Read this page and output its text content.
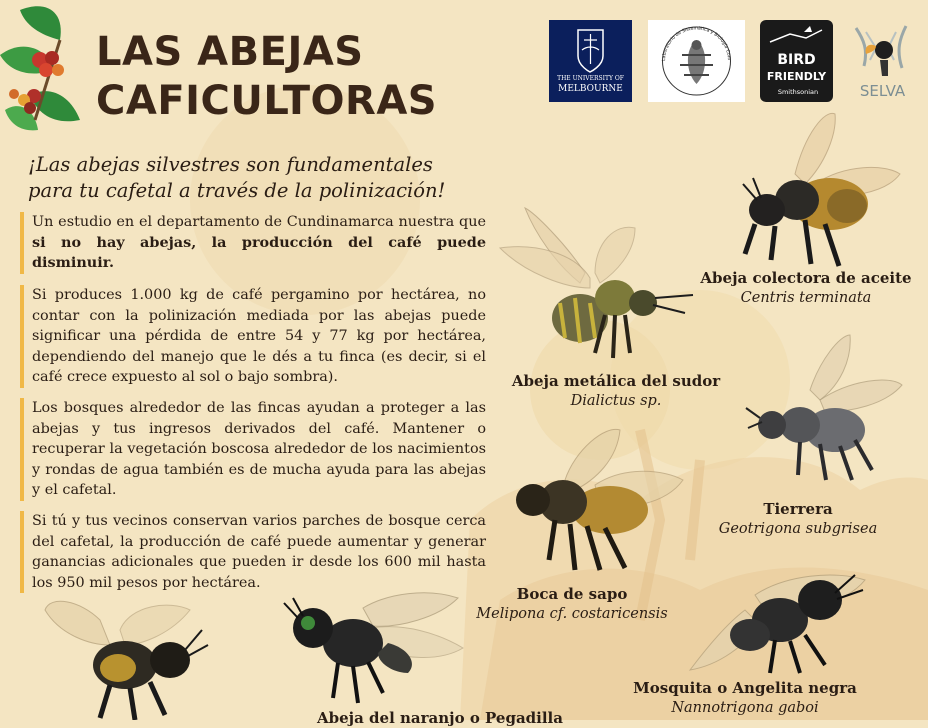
LAS ABEJAS
CAFICULTORAS	THE UNIVERSITY OF
MELBOURNE
Laboratorio de Sistemática y Biología Com	BIRD
FRIENDLY
Smithsonian	SELVA
¡Las abejas silvestres son fundamentales
para tu cafetal a través de la polinización!
Un estudio en el departamento de Cundinamarca nuestra que si no hay abejas, la producción del café puede disminuir.
Si produces 1.000 kg de café pergamino por hectárea, no contar con la polinización mediada por las abejas puede significar una pérdida de entre 54 y 77 kg por hectárea, dependiendo del manejo que le dés a tu finca (es decir, si el café crece expuesto al sol o bajo sombra).
Los bosques alrededor de las fincas ayudan a proteger a las abejas y tus ingresos derivados del café. Mantener o recuperar la vegetación boscosa alrededor de los nacimientos y rondas de agua también es de mucha ayuda para las abejas y el cafetal.
Si tú y tus vecinos conservan varios parches de bosque cerca del cafetal, la producción de café puede aumentar y generar ganancias adicionales que pueden ir desde los 600 mil hasta los 950 mil pesos por hectárea.
Abeja colectora de aceite
Centris terminata
Abeja metálica del sudor
Dialictus sp.
Tierrera
Geotrigona subgrisea
Boca de sapo
Melipona cf. costaricensis
Mosquita o Angelita negra
Nannotrigona gaboi
Abeja del naranjo o Pegadilla
